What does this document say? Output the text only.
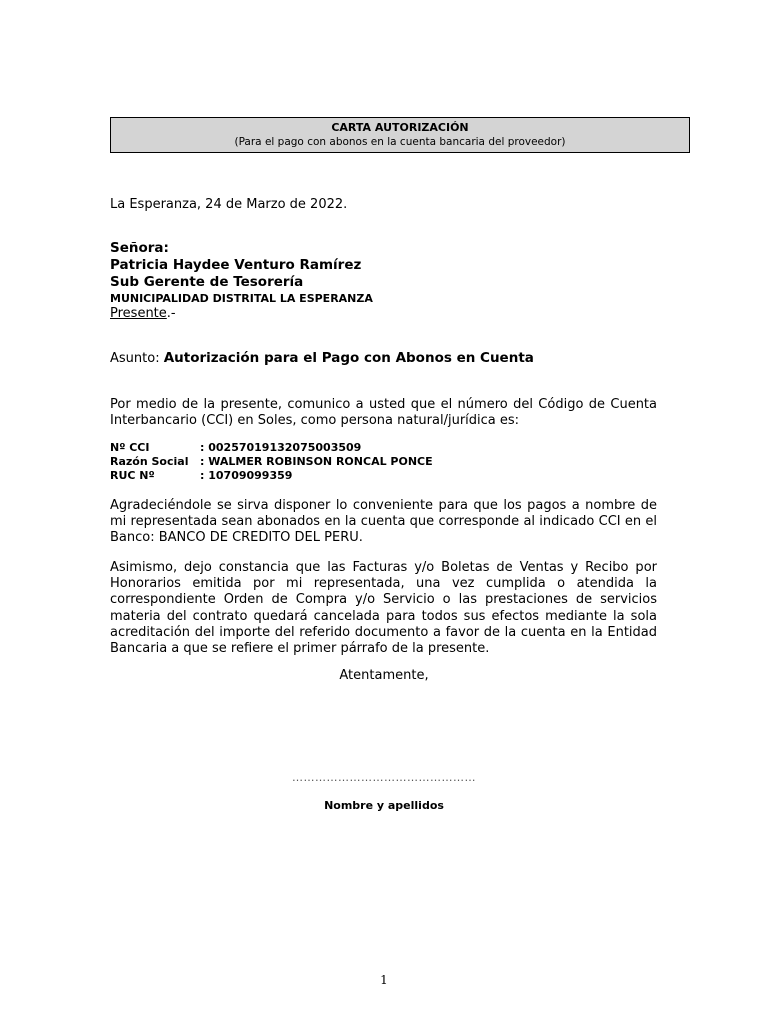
CARTA AUTORIZACIÓN
(Para el pago con abonos en la cuenta bancaria del proveedor)
La Esperanza, 24 de Marzo de 2022.
Señora:
Patricia Haydee Venturo Ramírez
Sub Gerente de Tesorería
MUNICIPALIDAD DISTRITAL LA ESPERANZA
Presente.-
Asunto: Autorización para el Pago con Abonos en Cuenta
Por medio de la presente, comunico a usted que el número del Código de Cuenta Interbancario (CCI) en Soles, como persona natural/jurídica es:
Nº CCI	: 00257019132075003509
Razón Social	: WALMER ROBINSON RONCAL PONCE
RUC Nº	: 10709099359
Agradeciéndole se sirva disponer lo conveniente para que los pagos a nombre de mi representada sean abonados en la cuenta que corresponde al indicado CCI en el Banco: BANCO DE CREDITO DEL PERU.
Asimismo, dejo constancia que las Facturas y/o Boletas de Ventas y Recibo por Honorarios emitida por mi representada, una vez cumplida o atendida la correspondiente Orden de Compra y/o Servicio o las prestaciones de servicios materia del contrato quedará cancelada para todos sus efectos mediante la sola acreditación del importe del referido documento a favor de la cuenta en la Entidad Bancaria a que se refiere el primer párrafo de la presente.
Atentamente,
…………………………………………
Nombre y apellidos
1
